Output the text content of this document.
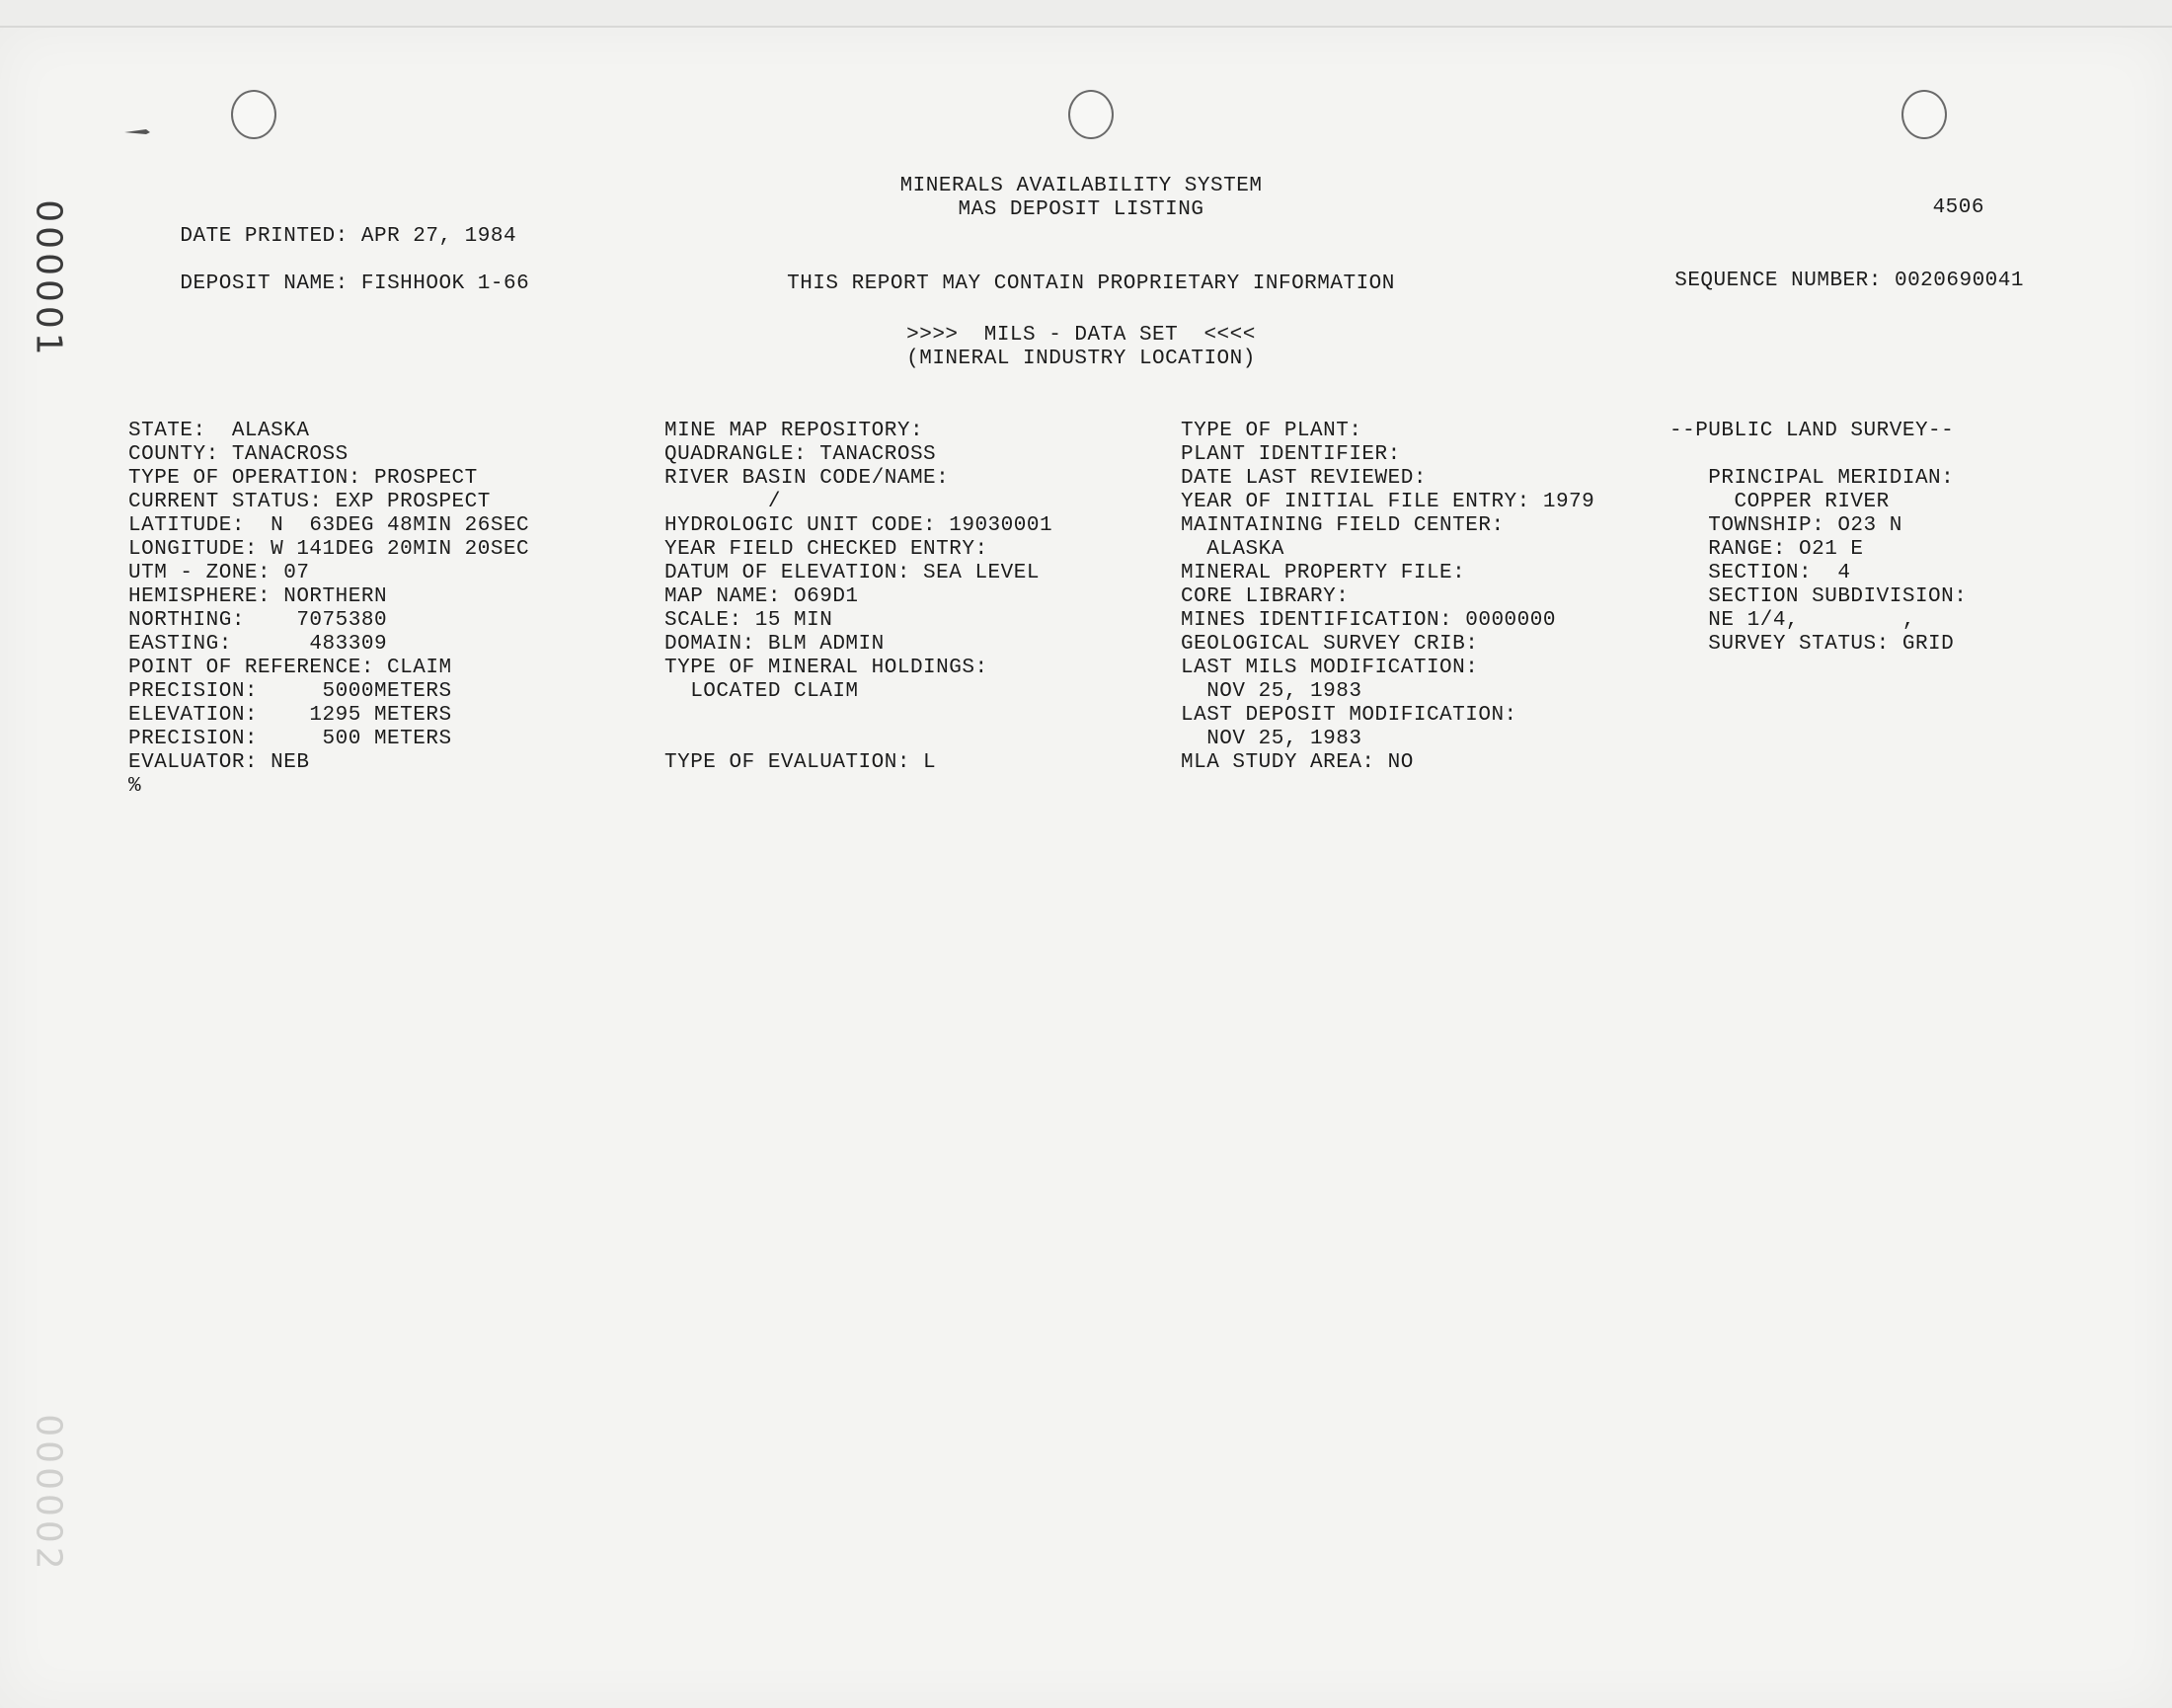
000001
000002
MINERALS AVAILABILITY SYSTEM
MAS DEPOSIT LISTING	4506

DATE PRINTED: APR 27, 1984

DEPOSIT NAME: FISHHOOK 1-66
	SEQUENCE NUMBER: 0020690041

THIS REPORT MAY CONTAIN PROPRIETARY INFORMATION
>>>>  MILS - DATA SET  <<<<
(MINERAL INDUSTRY LOCATION)
STATE:  ALASKA
COUNTY: TANACROSS
TYPE OF OPERATION: PROSPECT
CURRENT STATUS: EXP PROSPECT
LATITUDE:  N  63DEG 48MIN 26SEC
LONGITUDE: W 141DEG 20MIN 20SEC
UTM - ZONE: 07
HEMISPHERE: NORTHERN
NORTHING:    7075380
EASTING:      483309
POINT OF REFERENCE: CLAIM
PRECISION:     5000METERS
ELEVATION:    1295 METERS
PRECISION:     500 METERS
EVALUATOR: NEB
%
MINE MAP REPOSITORY:
QUADRANGLE: TANACROSS
RIVER BASIN CODE/NAME:
/
HYDROLOGIC UNIT CODE: 19030001
YEAR FIELD CHECKED ENTRY:
DATUM OF ELEVATION: SEA LEVEL
MAP NAME: O69D1
SCALE: 15 MIN
DOMAIN: BLM ADMIN
TYPE OF MINERAL HOLDINGS:
LOCATED CLAIM

TYPE OF EVALUATION: L
TYPE OF PLANT:
PLANT IDENTIFIER:
DATE LAST REVIEWED:
YEAR OF INITIAL FILE ENTRY: 1979
MAINTAINING FIELD CENTER:
ALASKA
MINERAL PROPERTY FILE:
CORE LIBRARY:
MINES IDENTIFICATION: 0000000
GEOLOGICAL SURVEY CRIB:
LAST MILS MODIFICATION:
NOV 25, 1983
LAST DEPOSIT MODIFICATION:
NOV 25, 1983
MLA STUDY AREA: NO
--PUBLIC LAND SURVEY--

PRINCIPAL MERIDIAN:
COPPER RIVER
TOWNSHIP: O23 N
RANGE: O21 E
SECTION:  4
SECTION SUBDIVISION:
NE 1/4,        ,
SURVEY STATUS: GRID
